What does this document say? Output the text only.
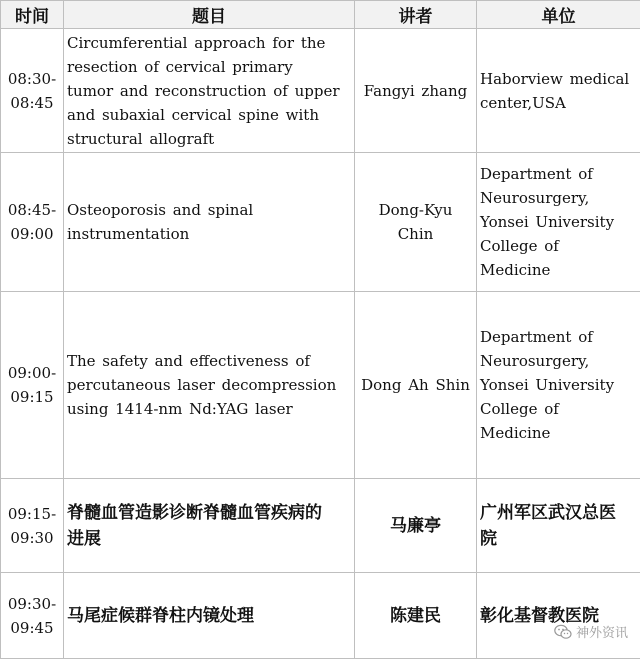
时间	题目	讲者	单位

08:30-
08:45	Circumferential approach for the
resection of cervical primary
tumor and reconstruction of upper
and subaxial cervical spine with
structural allograft	Fangyi zhang	Haborview medical
center,USA

08:45-
09:00	Osteoporosis and spinal
instrumentation	Dong-Kyu
Chin	Department of
Neurosurgery,
Yonsei University
College of
Medicine

09:00-
09:15	The safety and effectiveness of
percutaneous laser decompression
using 1414-nm Nd:YAG laser	Dong Ah Shin	Department of
Neurosurgery,
Yonsei University
College of
Medicine

09:15-
09:30	脊髓血管造影诊断脊髓血管疾病的
进展	马廉亭	广州军区武汉总医
院

09:30-
09:45	马尾症候群脊柱内镜处理	陈建民	彰化基督教医院
神外资讯
